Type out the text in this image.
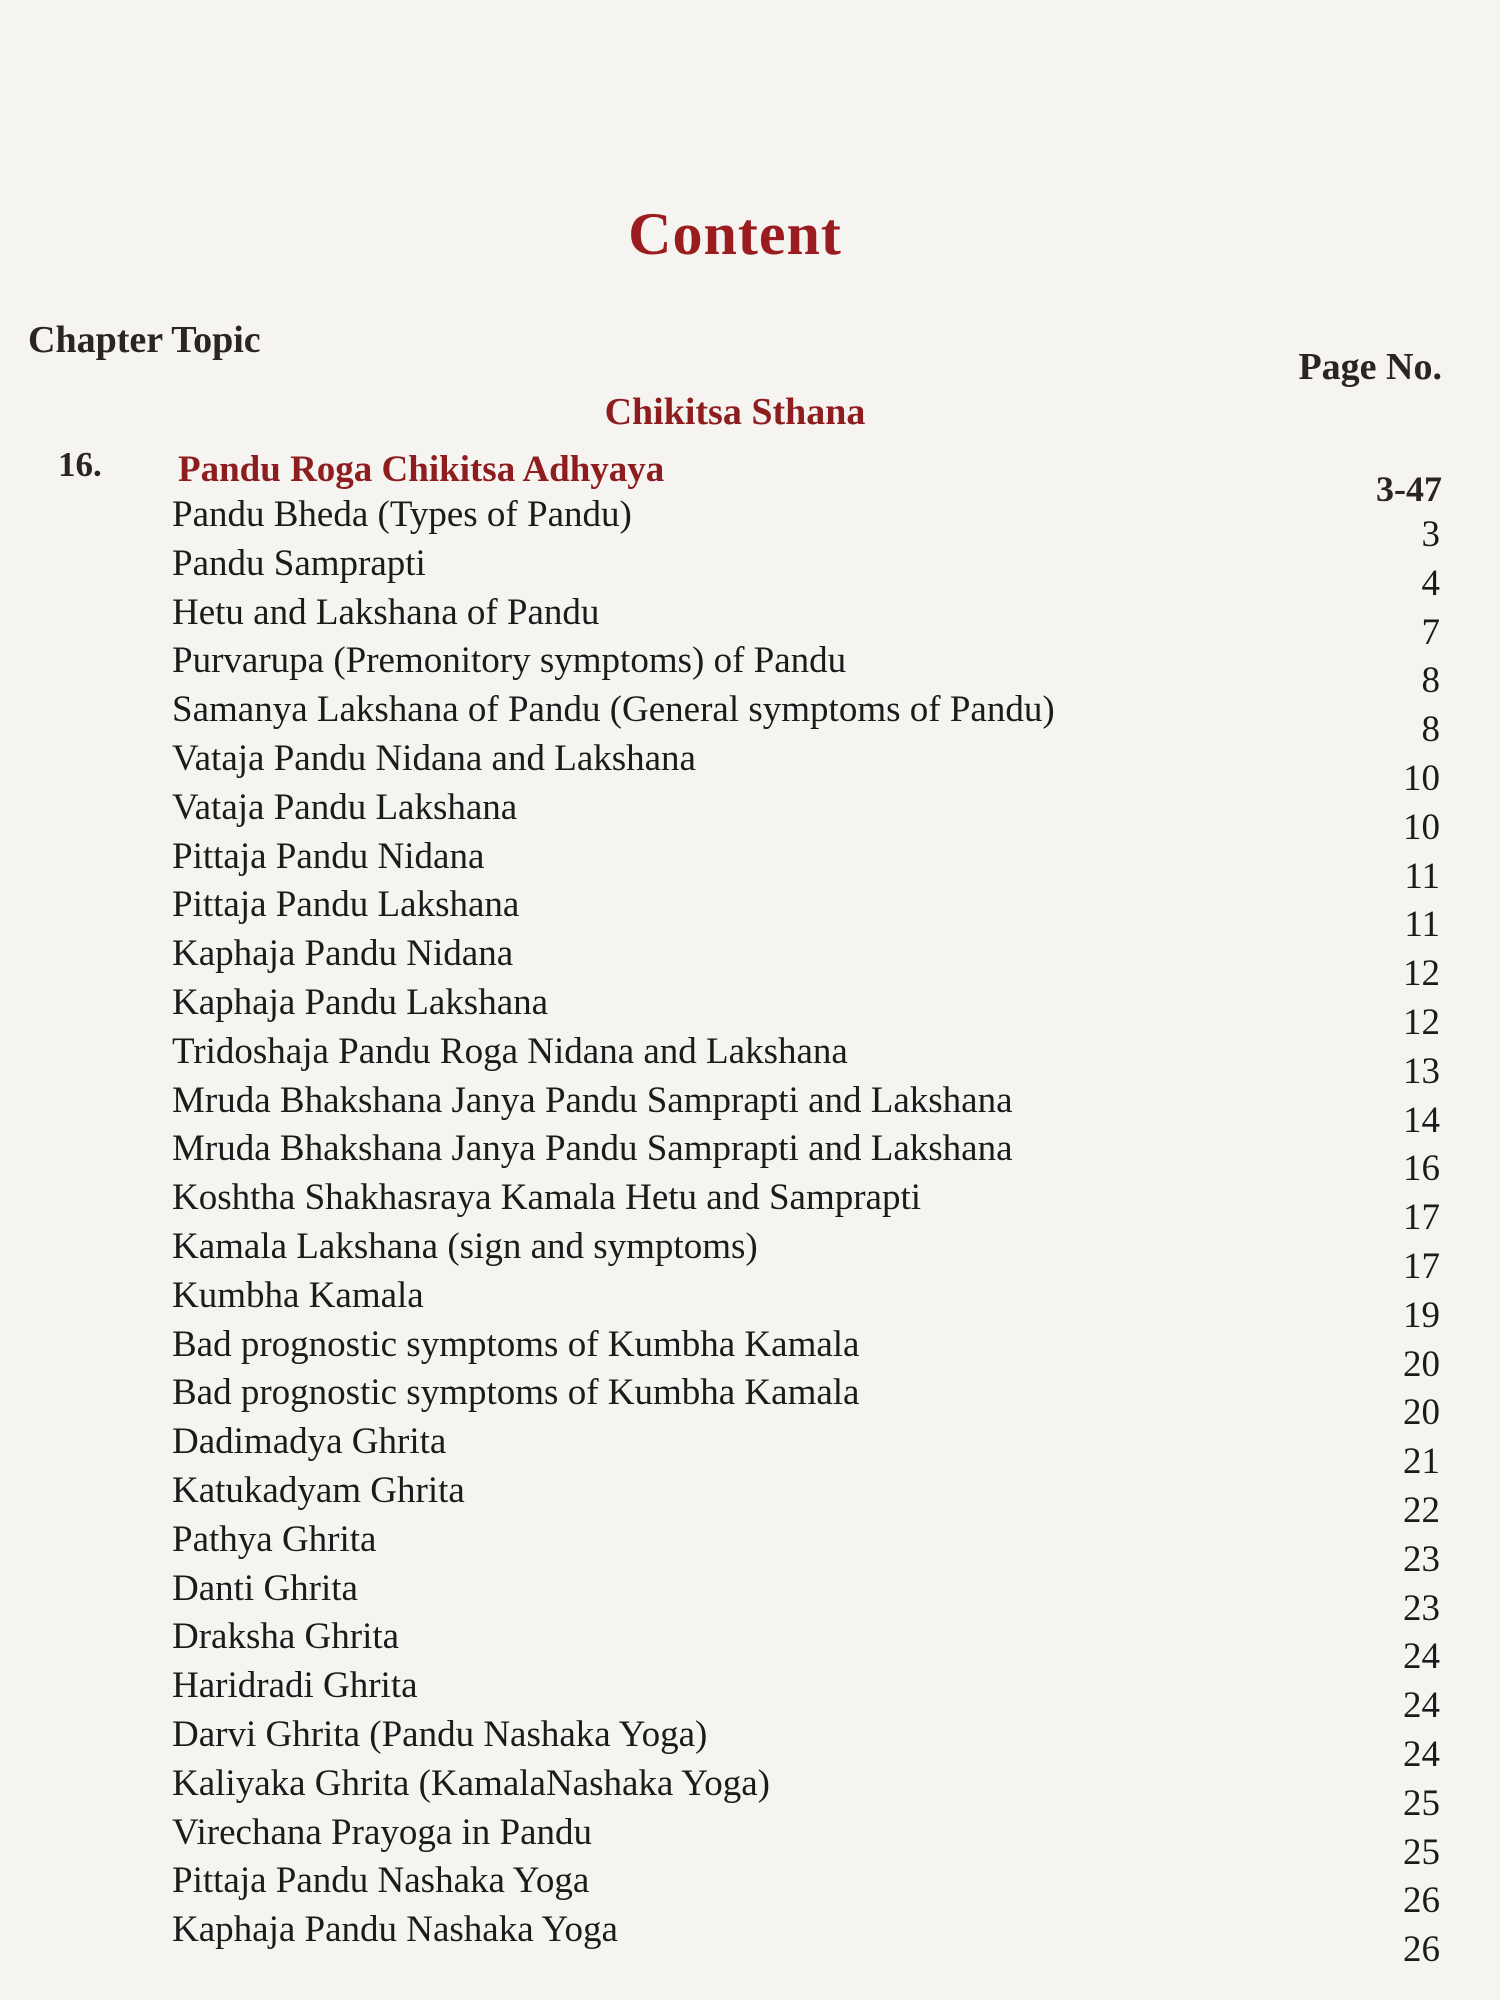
Content
Chapter Topic
Page No.
Chikitsa Sthana
16. Pandu Roga Chikitsa Adhyaya	3-47
Pandu Bheda (Types of Pandu)	3
Pandu Samprapti	4
Hetu and Lakshana of Pandu	7
Purvarupa (Premonitory symptoms) of Pandu	8
Samanya Lakshana of Pandu (General symptoms of Pandu)	8
Vataja Pandu Nidana and Lakshana	10
Vataja Pandu Lakshana	10
Pittaja Pandu Nidana	11
Pittaja Pandu Lakshana	11
Kaphaja Pandu Nidana	12
Kaphaja Pandu Lakshana	12
Tridoshaja Pandu Roga Nidana and Lakshana	13
Mruda Bhakshana Janya Pandu Samprapti and Lakshana	14
Mruda Bhakshana Janya Pandu Samprapti and Lakshana	16
Koshtha Shakhasraya Kamala Hetu and Samprapti	17
Kamala Lakshana (sign and symptoms)	17
Kumbha Kamala	19
Bad prognostic symptoms of Kumbha Kamala	20
Bad prognostic symptoms of Kumbha Kamala	20
Dadimadya Ghrita	21
Katukadyam Ghrita	22
Pathya Ghrita	23
Danti Ghrita	23
Draksha Ghrita	24
Haridradi Ghrita	24
Darvi Ghrita (Pandu Nashaka Yoga)	24
Kaliyaka Ghrita (KamalaNashaka Yoga)	25
Virechana Prayoga in Pandu	25
Pittaja Pandu Nashaka Yoga	26
Kaphaja Pandu Nashaka Yoga	26
